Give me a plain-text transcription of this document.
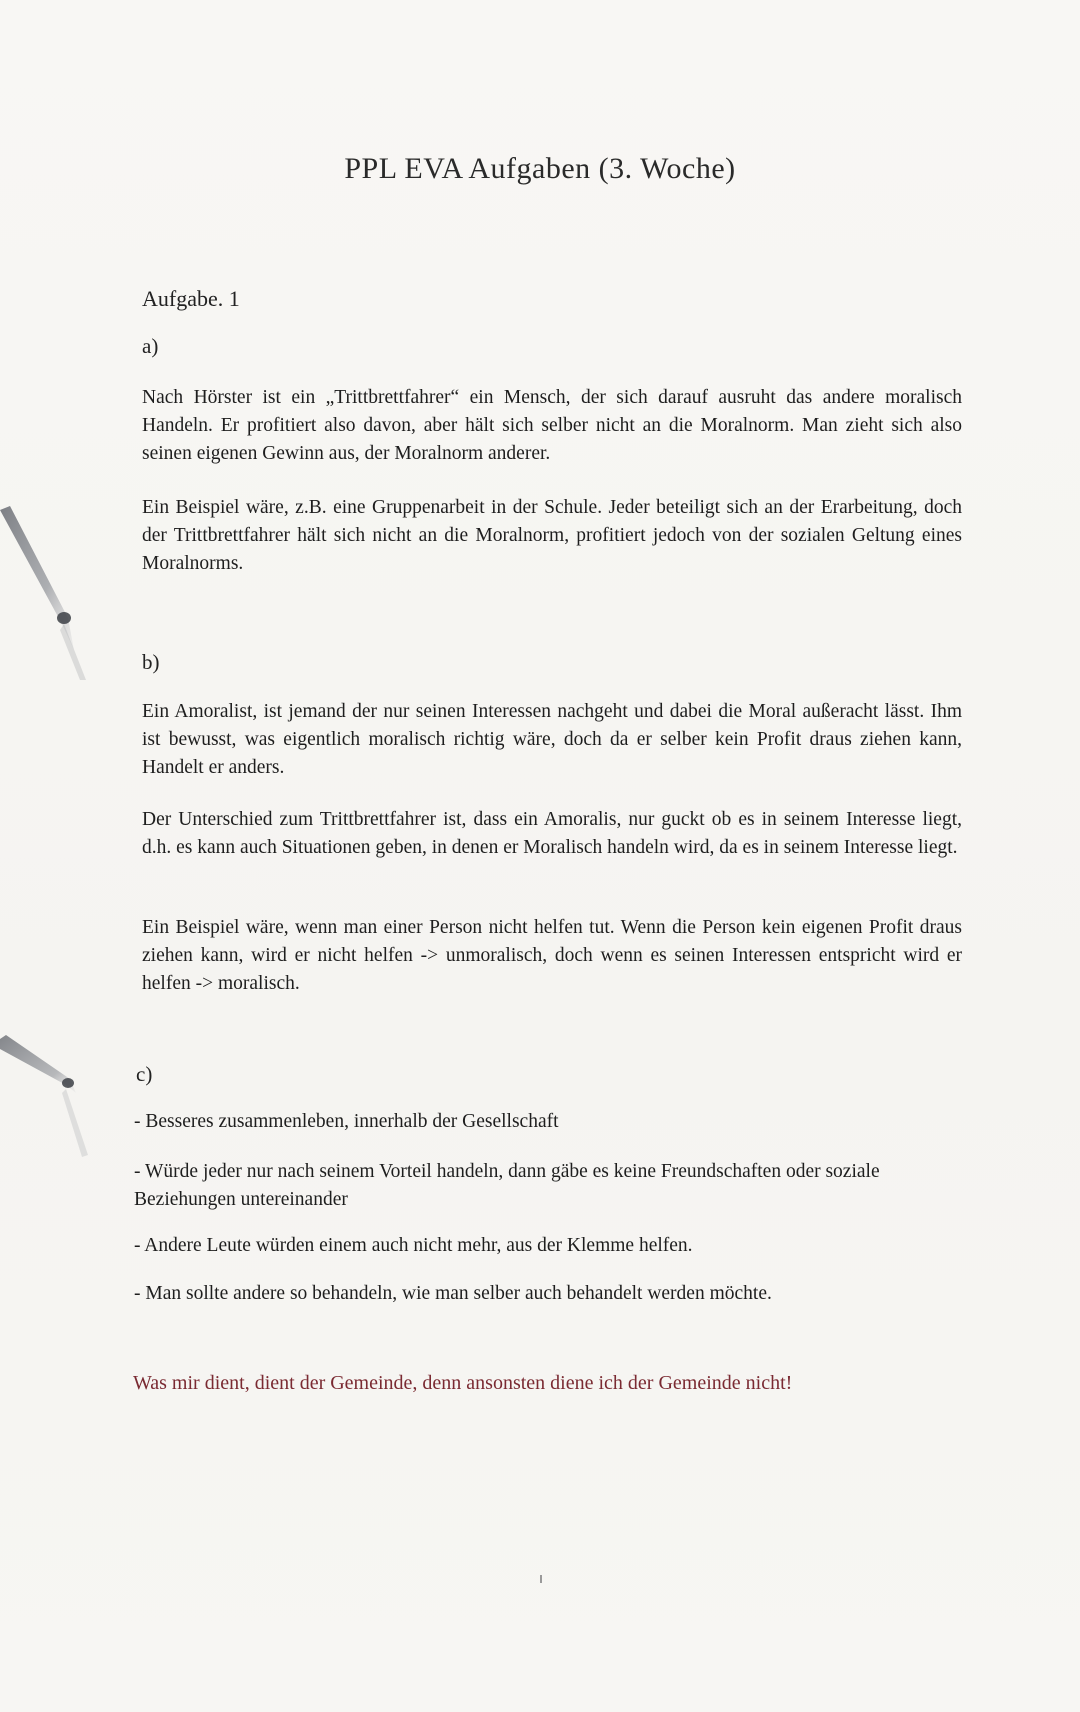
PPL EVA Aufgaben (3. Woche)
Aufgabe. 1
a)
Nach Hörster ist ein „Trittbrettfahrer“ ein Mensch, der sich darauf ausruht das andere moralisch Handeln. Er profitiert also davon, aber hält sich selber nicht an die Moralnorm. Man zieht sich also seinen eigenen Gewinn aus, der Moralnorm anderer.
Ein Beispiel wäre, z.B. eine Gruppenarbeit in der Schule. Jeder beteiligt sich an der Erarbeitung, doch der Trittbrettfahrer hält sich nicht an die Moralnorm, profitiert jedoch von der sozialen Geltung eines Moralnorms.
b)
Ein Amoralist, ist jemand der nur seinen Interessen nachgeht und dabei die Moral außeracht lässt. Ihm ist bewusst, was eigentlich moralisch richtig wäre, doch da er selber kein Profit draus ziehen kann, Handelt er anders.
Der Unterschied zum Trittbrettfahrer ist, dass ein Amoralis, nur guckt ob es in seinem Interesse liegt, d.h. es kann auch Situationen geben, in denen er Moralisch handeln wird, da es in seinem Interesse liegt.
Ein Beispiel wäre, wenn man einer Person nicht helfen tut. Wenn die Person kein eigenen Profit draus ziehen kann, wird er nicht helfen -> unmoralisch, doch wenn es seinen Interessen entspricht wird er helfen -> moralisch.
c)
- Besseres zusammenleben, innerhalb der Gesellschaft
- Würde jeder nur nach seinem Vorteil handeln, dann gäbe es keine Freundschaften oder soziale Beziehungen untereinander
- Andere Leute würden einem auch nicht mehr, aus der Klemme helfen.
- Man sollte andere so behandeln, wie man selber auch behandelt werden möchte.
Was mir dient, dient der Gemeinde, denn ansonsten diene ich der Gemeinde nicht!
